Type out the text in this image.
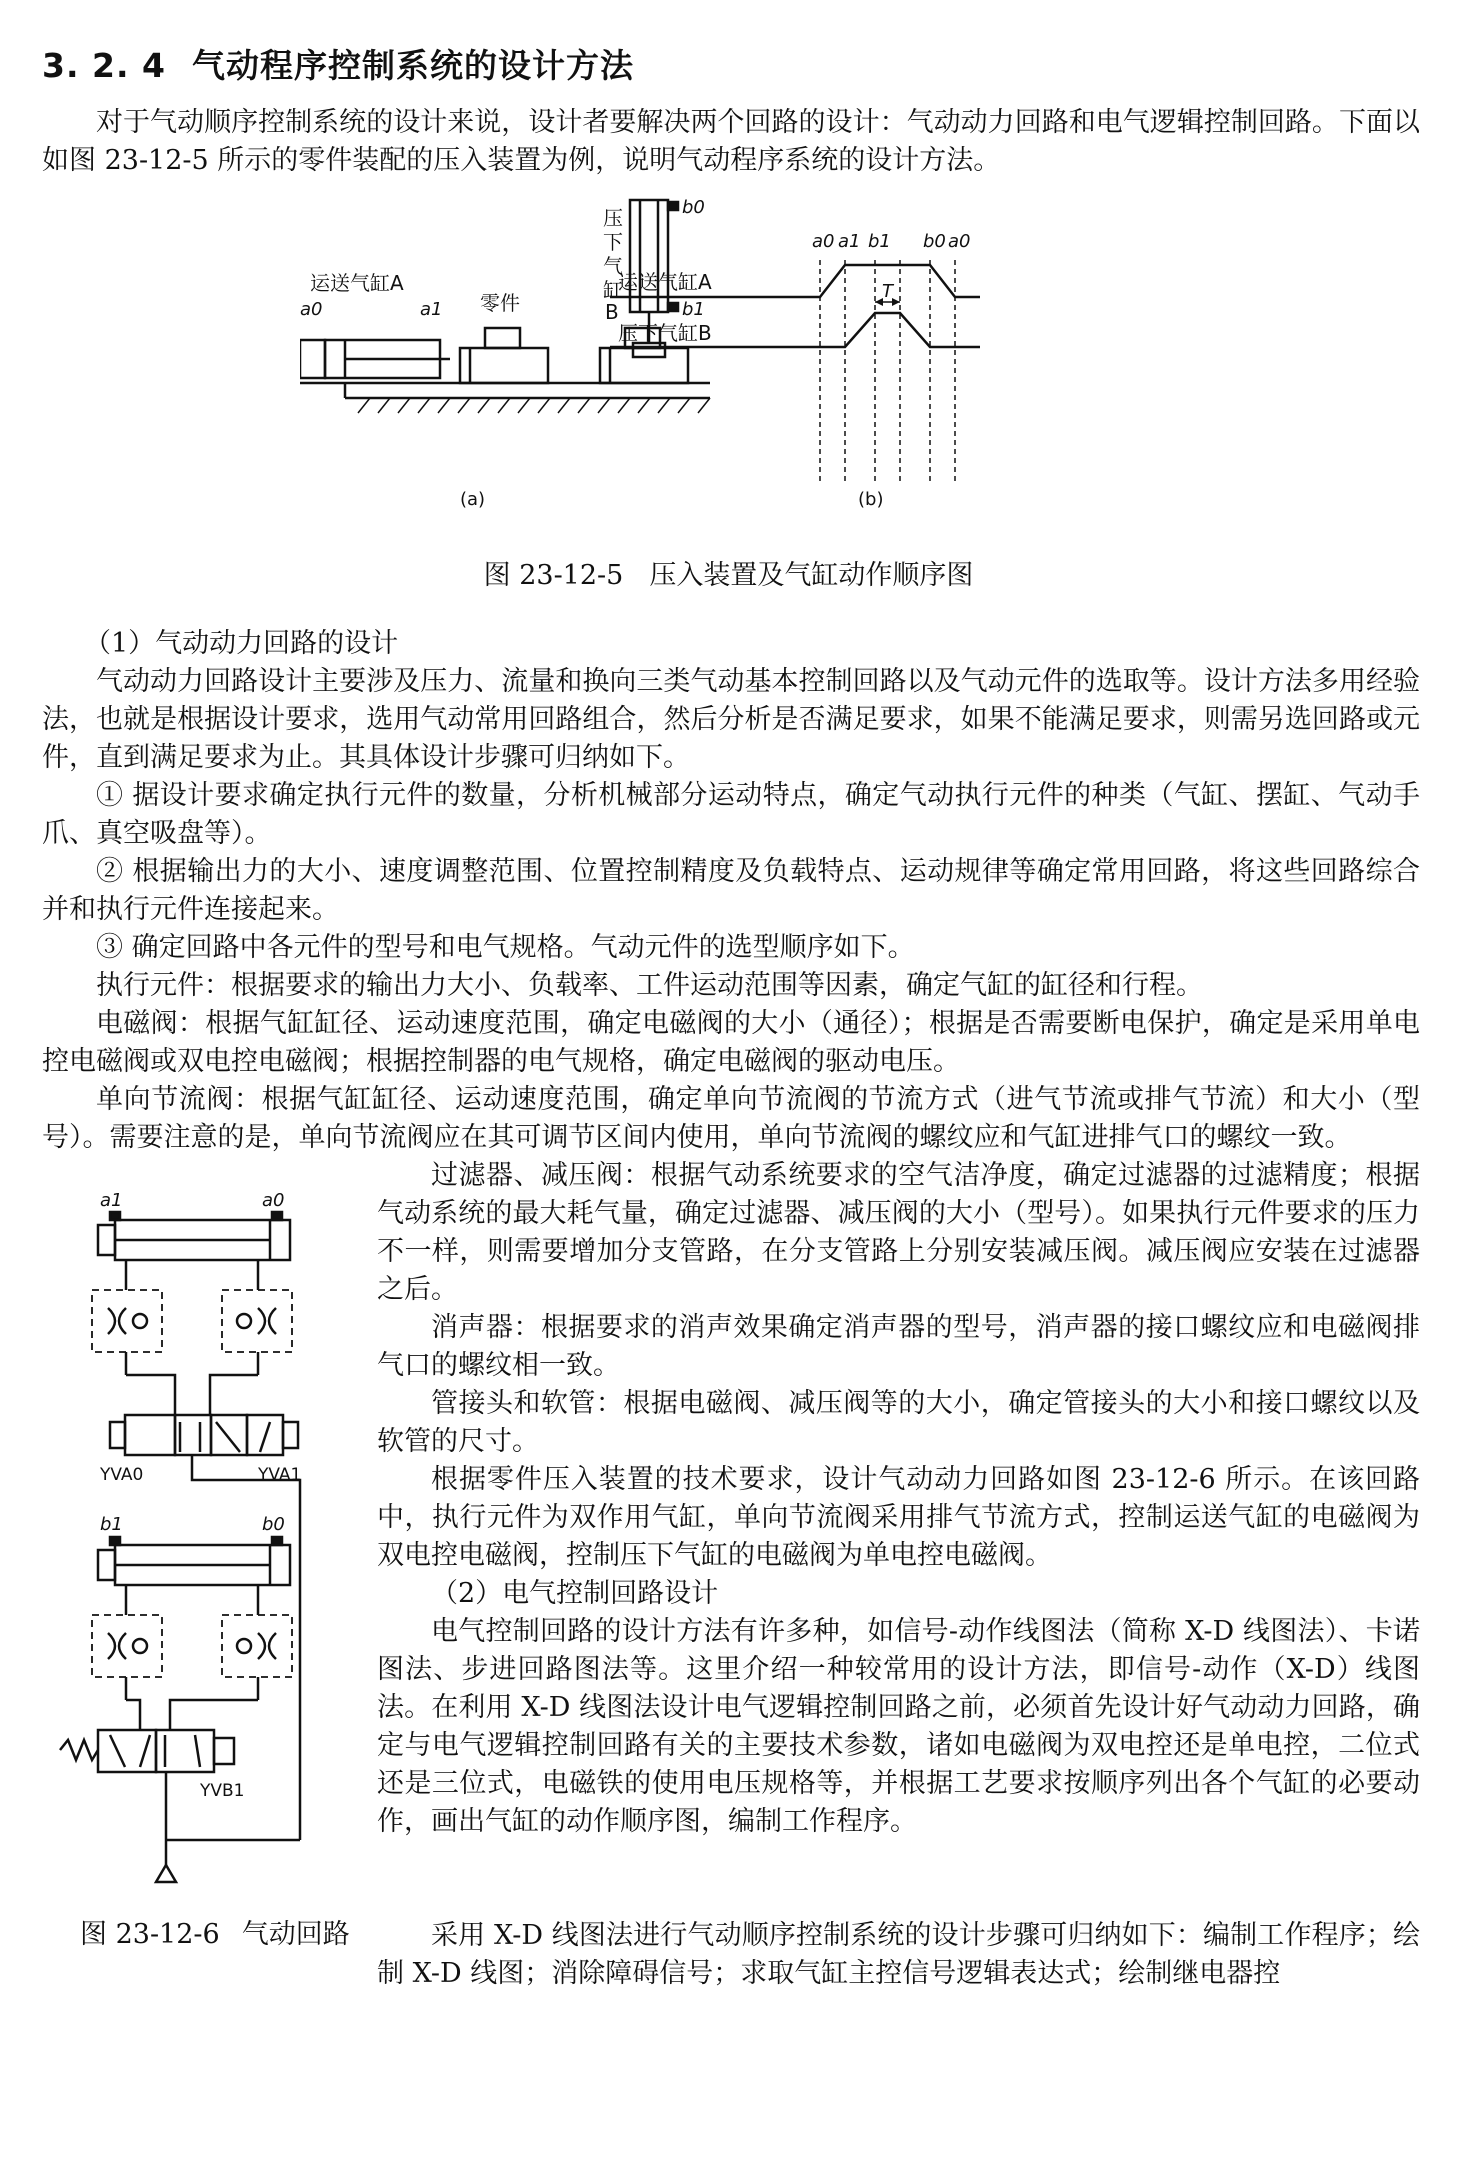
3. 2. 4 气动程序控制系统的设计方法

对于气动顺序控制系统的设计来说，设计者要解决两个回路的设计：气动动力回路和电气逻辑控制回路。下面以如图 23-12-5 所示的零件装配的压入装置为例，说明气动程序系统的设计方法。

压
下
气
缸
B
b0
b1
运送气缸A
a0	a1 零件
(a)
a0 a1 b1 b0 a0
T
运送气缸A
压下气缸B
(b)
图 23-12-5 压入装置及气缸动作顺序图

（1）气动动力回路的设计

气动动力回路设计主要涉及压力、流量和换向三类气动基本控制回路以及气动元件的选取等。设计方法多用经验法，也就是根据设计要求，选用气动常用回路组合，然后分析是否满足要求，如果不能满足要求，则需另选回路或元件，直到满足要求为止。其具体设计步骤可归纳如下。

① 据设计要求确定执行元件的数量，分析机械部分运动特点，确定气动执行元件的种类（气缸、摆缸、气动手爪、真空吸盘等）。

② 根据输出力的大小、速度调整范围、位置控制精度及负载特点、运动规律等确定常用回路，将这些回路综合并和执行元件连接起来。

③ 确定回路中各元件的型号和电气规格。气动元件的选型顺序如下。

执行元件：根据要求的输出力大小、负载率、工件运动范围等因素，确定气缸的缸径和行程。

电磁阀：根据气缸缸径、运动速度范围，确定电磁阀的大小（通径）；根据是否需要断电保护，确定是采用单电控电磁阀或双电控电磁阀；根据控制器的电气规格，确定电磁阀的驱动电压。

单向节流阀：根据气缸缸径、运动速度范围，确定单向节流阀的节流方式（进气节流或排气节流）和大小（型号）。需要注意的是，单向节流阀应在其可调节区间内使用，单向节流阀的螺纹应和气缸进排气口的螺纹一致。

过滤器、减压阀：根据气动系统要求的空气洁净度，确定过滤器的过滤精度；根据气动系统的最大耗气量，确定过滤器、减压阀的大小（型号）。如果执行元件要求的压力不一样，则需要增加分支管路，在分支管路上分别安装减压阀。减压阀应安装在过滤器之后。

消声器：根据要求的消声效果确定消声器的型号，消声器的接口螺纹应和电磁阀排气口的螺纹相一致。

管接头和软管：根据电磁阀、减压阀等的大小，确定管接头的大小和接口螺纹以及软管的尺寸。

根据零件压入装置的技术要求，设计气动动力回路如图 23-12-6 所示。在该回路中，执行元件为双作用气缸，单向节流阀采用排气节流方式，控制运送气缸的电磁阀为双电控电磁阀，控制压下气缸的电磁阀为单电控电磁阀。

（2）电气控制回路设计

电气控制回路的设计方法有许多种，如信号-动作线图法（简称 X-D 线图法）、卡诺图法、步进回路图法等。这里介绍一种较常用的设计方法，即信号-动作（X-D）线图法。在利用 X-D 线图法设计电气逻辑控制回路之前，必须首先设计好气动动力回路，确定与电气逻辑控制回路有关的主要技术参数，诸如电磁阀为双电控还是单电控，二位式还是三位式，电磁铁的使用电压规格等，并根据工艺要求按顺序列出各个气缸的必要动作，画出气缸的动作顺序图，编制工作程序。

采用 X-D 线图法进行气动顺序控制系统的设计步骤可归纳如下：编制工作程序；绘制 X-D 线图；消除障碍信号；求取气缸主控信号逻辑表达式；绘制继电器控

a1	a0
b1	b0
YVA0	YVA1
YVB1
图 23-12-6 气动回路
